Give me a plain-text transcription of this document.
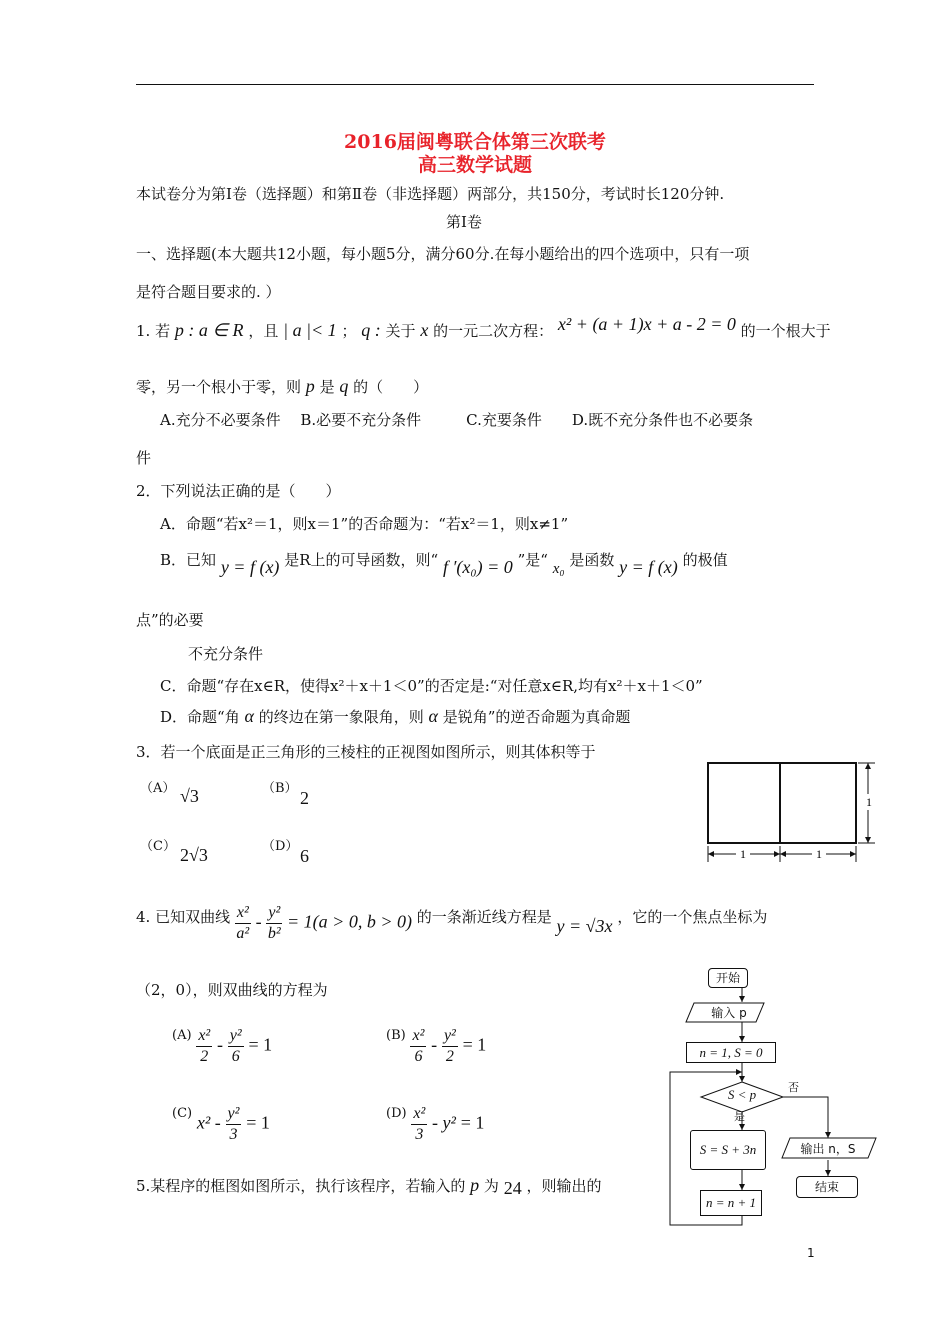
2016届闽粤联合体第三次联考
高三数学试题
本试卷分为第Ⅰ卷（选择题）和第Ⅱ卷（非选择题）两部分，共150分，考试时长120分钟.
第Ⅰ卷
一、选择题(本大题共12小题，每小题5分，满分60分.在每小题给出的四个选项中，只有一项
是符合题目要求的. ）
1. 若 p : a ∈ R ，且 | a |< 1 ； q : 关于 x 的一元二次方程： x² + (a + 1)x + a - 2 = 0 的一个根大于
零，另一个根小于零，则 p 是 q 的（　　）
A.充分不必要条件　 B.必要不充分条件　　　C.充要条件　　D.既不充分条件也不必要条
件
2．下列说法正确的是（　　）
A．命题“若x²＝1，则x＝1”的否命题为：“若x²＝1，则x≠1”
B．已知 y = f (x) 是R上的可导函数，则“ f ′(x₀) = 0 ”是“ x₀ 是函数 y = f (x) 的极值
点”的必要
不充分条件
C．命题“存在x∈R，使得x²＋x＋1＜0”的否定是:“对任意x∈R,均有x²＋x＋1＜0”
D．命题“角 α 的终边在第一象限角，则 α 是锐角”的逆否命题为真命题
3．若一个底面是正三角形的三棱柱的正视图如图所示，则其体积等于
（A） √3	（B） 2
（C） 2√3	（D） 6	1	1
1
4. 已知双曲线 $\frac{\text{x²}}{\text{a²}} - \frac{\text{y²}}{\text{b²}} = 1(a > 0$, b > 0) 的一条渐近线方程是 y = √3x ，它的一个焦点坐标为
（2，0），则双曲线的方程为
$(A) \frac{\text{x²}}{2} - \frac{\text{y²}}{6} = 1$	$(B) \frac{\text{x²}}{6} - \frac{\text{y²}}{2} = 1$
(C) $x^2 - \frac{\text{y²}}{3} = 1$	$(D) \frac{\text{x²}}{3} - y^2 = 1$
5.某程序的框图如图所示，执行该程序，若输入的 p 为 24 ，则输出的
开始
输入 p
n = 1, S = 0
S < p
是
否
S = S + 3n	输出 n，S
结束
n = n + 1
1
